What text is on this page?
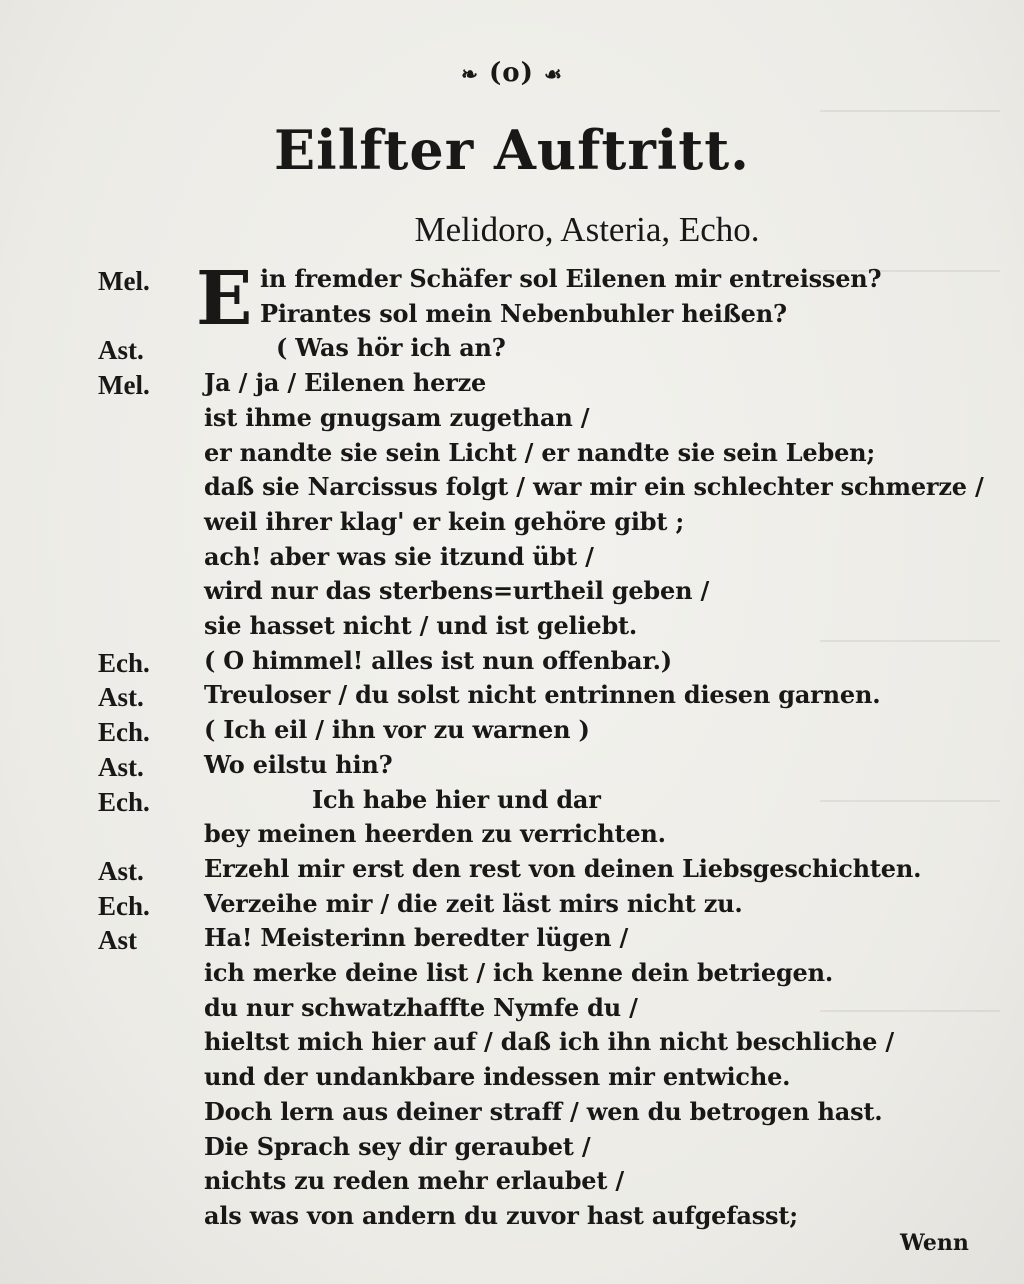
❧ (o) ☙
Eilfter Auftritt.
Melidoro, Asteria, Echo.
E
Mel.	in fremder Schäfer sol Eilenen mir entreissen?
Pirantes sol mein Nebenbuhler heißen?
Ast.	( Was hör ich an?
Mel.	Ja / ja / Eilenen herze
ist ihme gnugsam zugethan /
er nandte sie sein Licht / er nandte sie sein Leben;
daß sie Narcissus folgt / war mir ein schlechter schmerze /
weil ihrer klag' er kein gehöre gibt ;
ach! aber was sie itzund übt /
wird nur das sterbens=urtheil geben /
sie hasset nicht / und ist geliebt.
Ech.	( O himmel! alles ist nun offenbar.)
Ast.	Treuloser / du solst nicht entrinnen diesen garnen.
Ech.	( Ich eil / ihn vor zu warnen )
Ast.	Wo eilstu hin?
Ech.	Ich habe hier und dar
bey meinen heerden zu verrichten.
Ast.	Erzehl mir erst den rest von deinen Liebsgeschichten.
Ech.	Verzeihe mir / die zeit läst mirs nicht zu.
Ast	Ha! Meisterinn beredter lügen /
ich merke deine list / ich kenne dein betriegen.
du nur schwatzhaffte Nymfe du /
hieltst mich hier auf / daß ich ihn nicht beschliche /
und der undankbare indessen mir entwiche.
Doch lern aus deiner straff / wen du betrogen hast.
Die Sprach sey dir geraubet /
nichts zu reden mehr erlaubet /
als was von andern du zuvor hast aufgefasst;
Wenn
